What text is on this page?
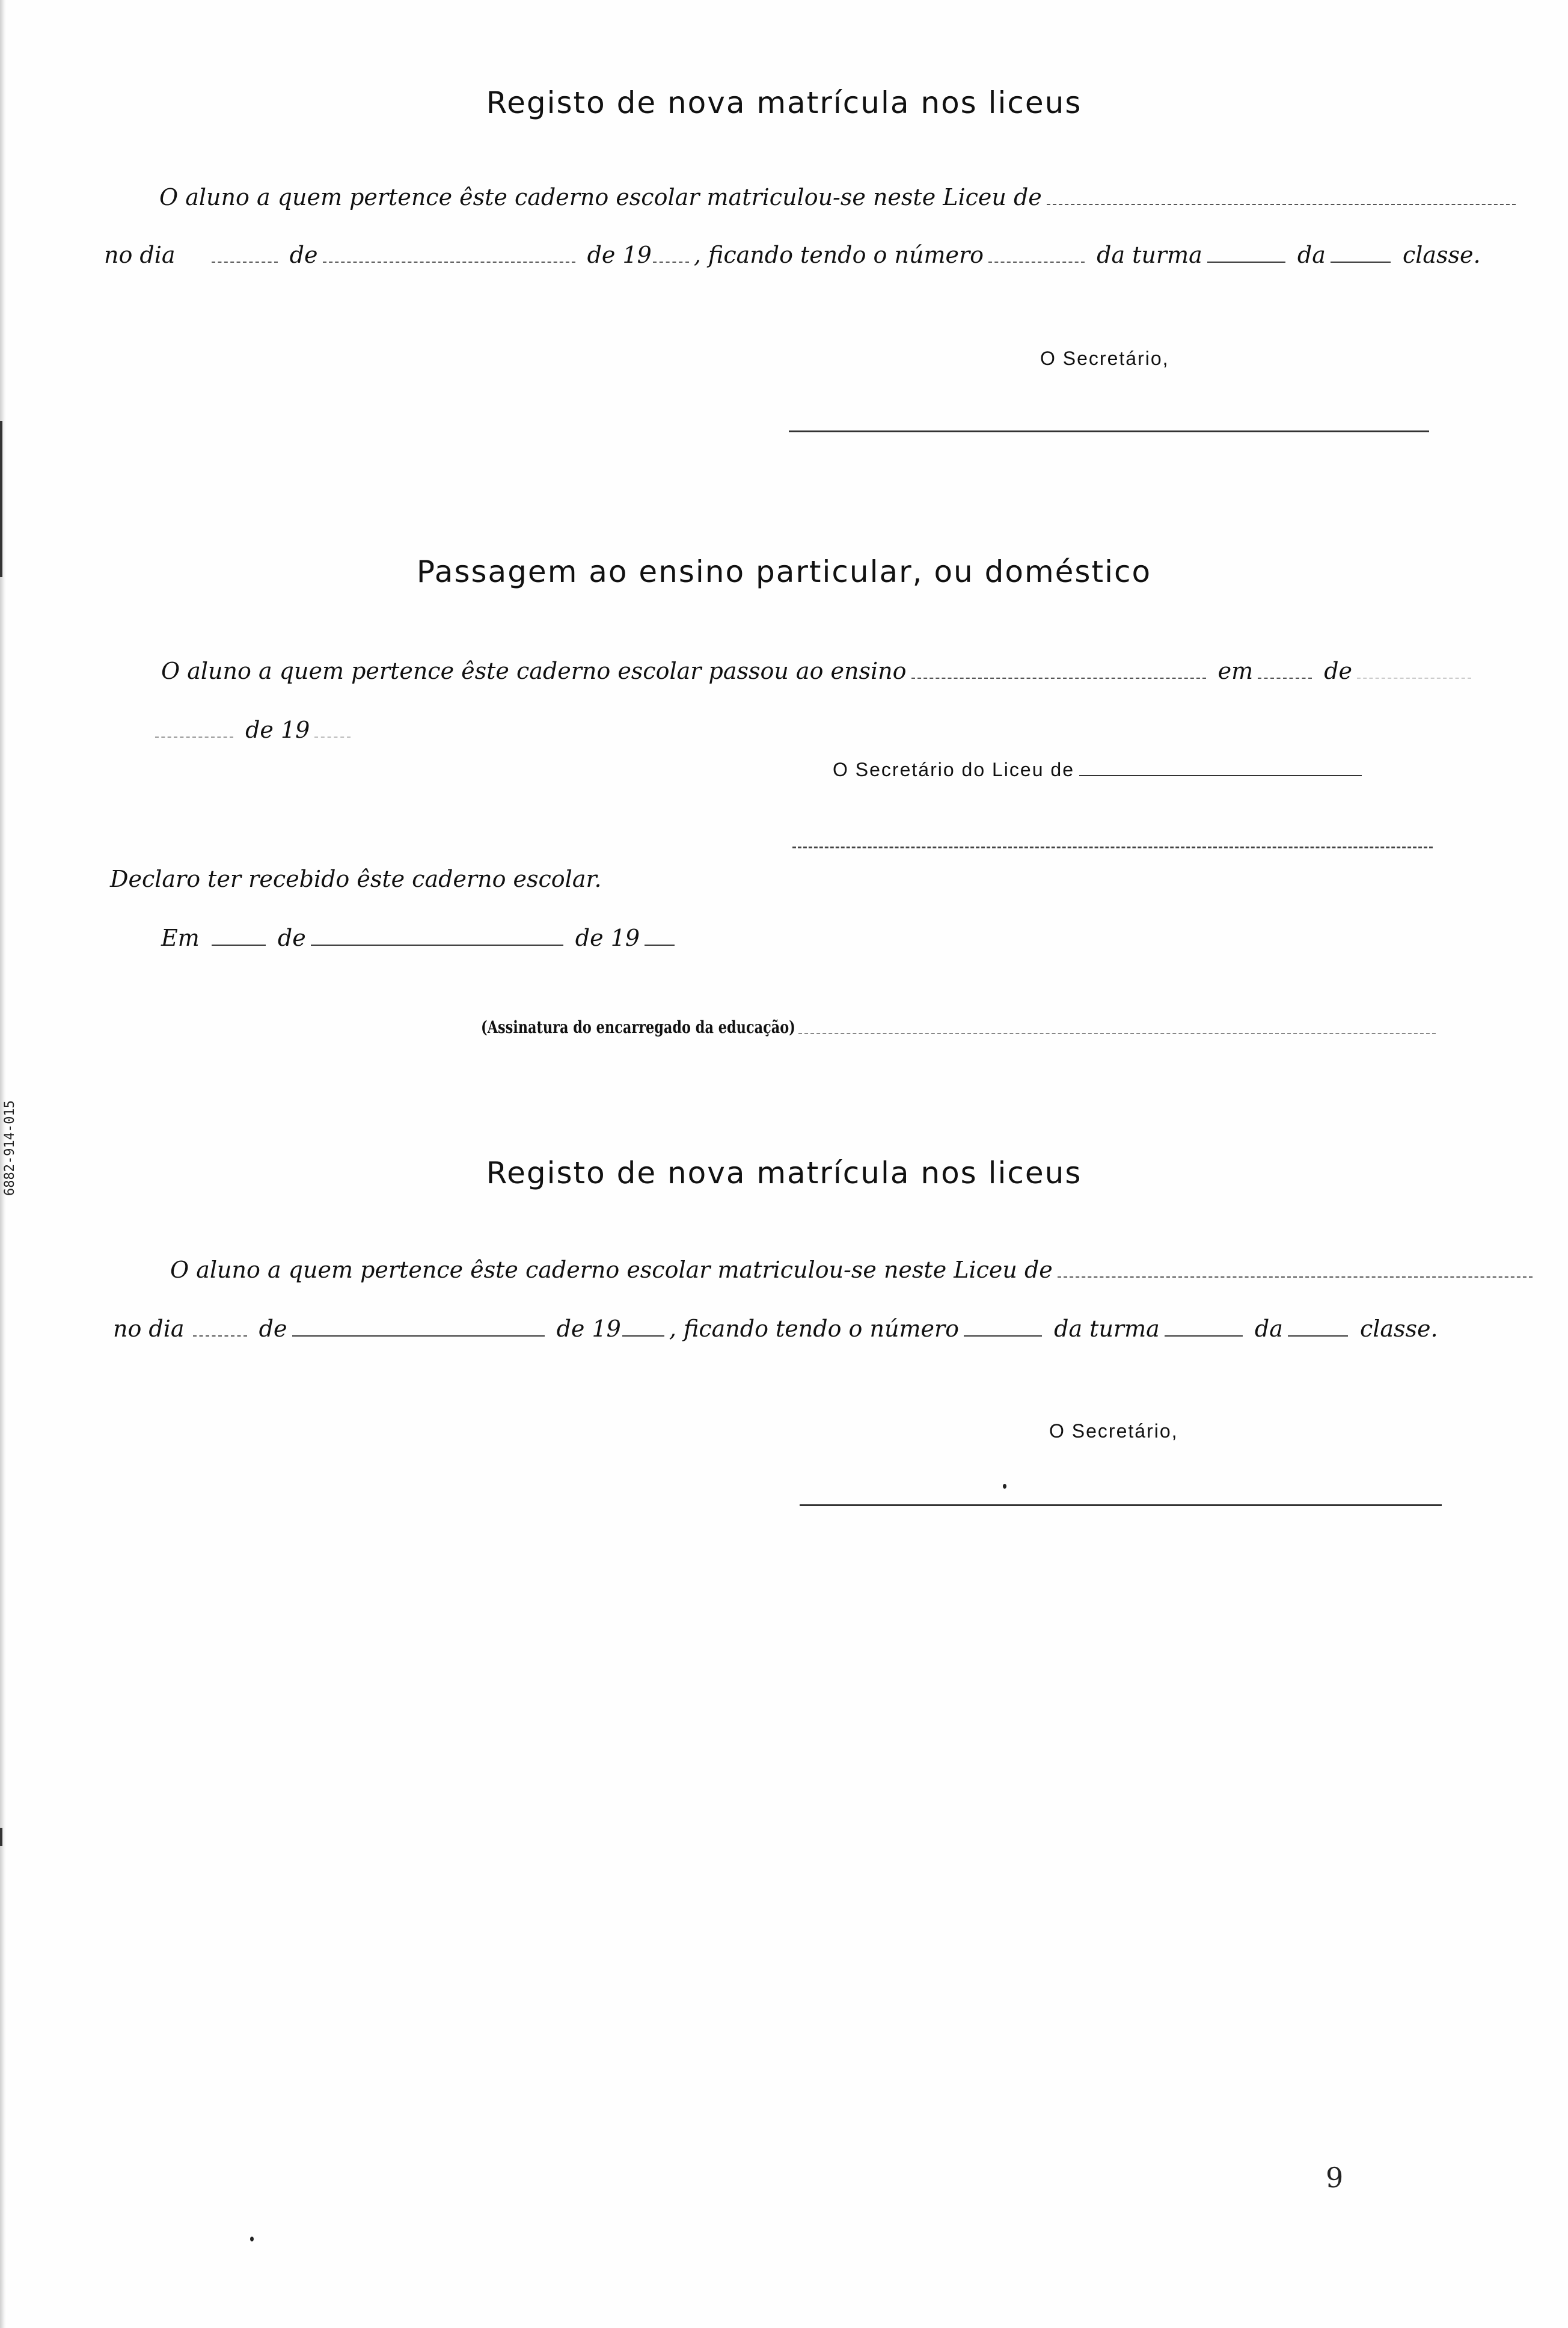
6882-914-015
Registo de nova matrícula nos liceus
O aluno a quem pertence êste caderno escolar matriculou-se neste Liceu de
no dia	de	de 19 , ficando tendo o número	da turma	da	classe.
O Secretário,
Passagem ao ensino particular, ou doméstico
O aluno a quem pertence êste caderno escolar passou ao ensino	em	de
de 19
O Secretário do Liceu de
Declaro ter recebido êste caderno escolar.
Em	de	de 19
(Assinatura do encarregado da educação)
Registo de nova matrícula nos liceus
O aluno a quem pertence êste caderno escolar matriculou-se neste Liceu de
no dia	de	de 19 , ficando tendo o número	da turma	da	classe.
O Secretário,
9
